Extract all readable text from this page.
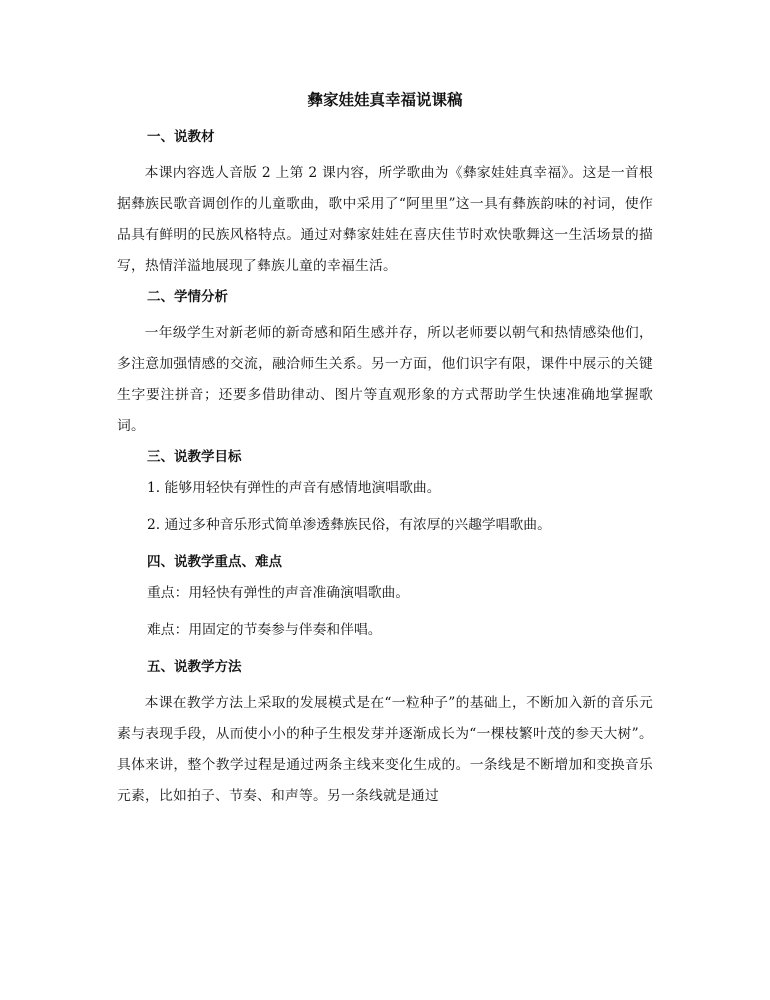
彝家娃娃真幸福说课稿
一、说教材
本课内容选人音版 2 上第 2 课内容，所学歌曲为《彝家娃娃真幸福》。这是一首根据彝族民歌音调创作的儿童歌曲，歌中采用了“阿里里”这一具有彝族韵味的衬词，使作品具有鲜明的民族风格特点。通过对彝家娃娃在喜庆佳节时欢快歌舞这一生活场景的描写，热情洋溢地展现了彝族儿童的幸福生活。
二、学情分析
一年级学生对新老师的新奇感和陌生感并存，所以老师要以朝气和热情感染他们，多注意加强情感的交流，融洽师生关系。另一方面，他们识字有限，课件中展示的关键生字要注拼音；还要多借助律动、图片等直观形象的方式帮助学生快速准确地掌握歌词。
三、说教学目标
1. 能够用轻快有弹性的声音有感情地演唱歌曲。
2. 通过多种音乐形式简单渗透彝族民俗，有浓厚的兴趣学唱歌曲。
四、说教学重点、难点
重点：用轻快有弹性的声音准确演唱歌曲。
难点：用固定的节奏参与伴奏和伴唱。
五、说教学方法
本课在教学方法上采取的发展模式是在“一粒种子”的基础上，不断加入新的音乐元素与表现手段，从而使小小的种子生根发芽并逐渐成长为“一棵枝繁叶茂的参天大树”。具体来讲，整个教学过程是通过两条主线来变化生成的。一条线是不断增加和变换音乐元素，比如拍子、节奏、和声等。另一条线就是通过
